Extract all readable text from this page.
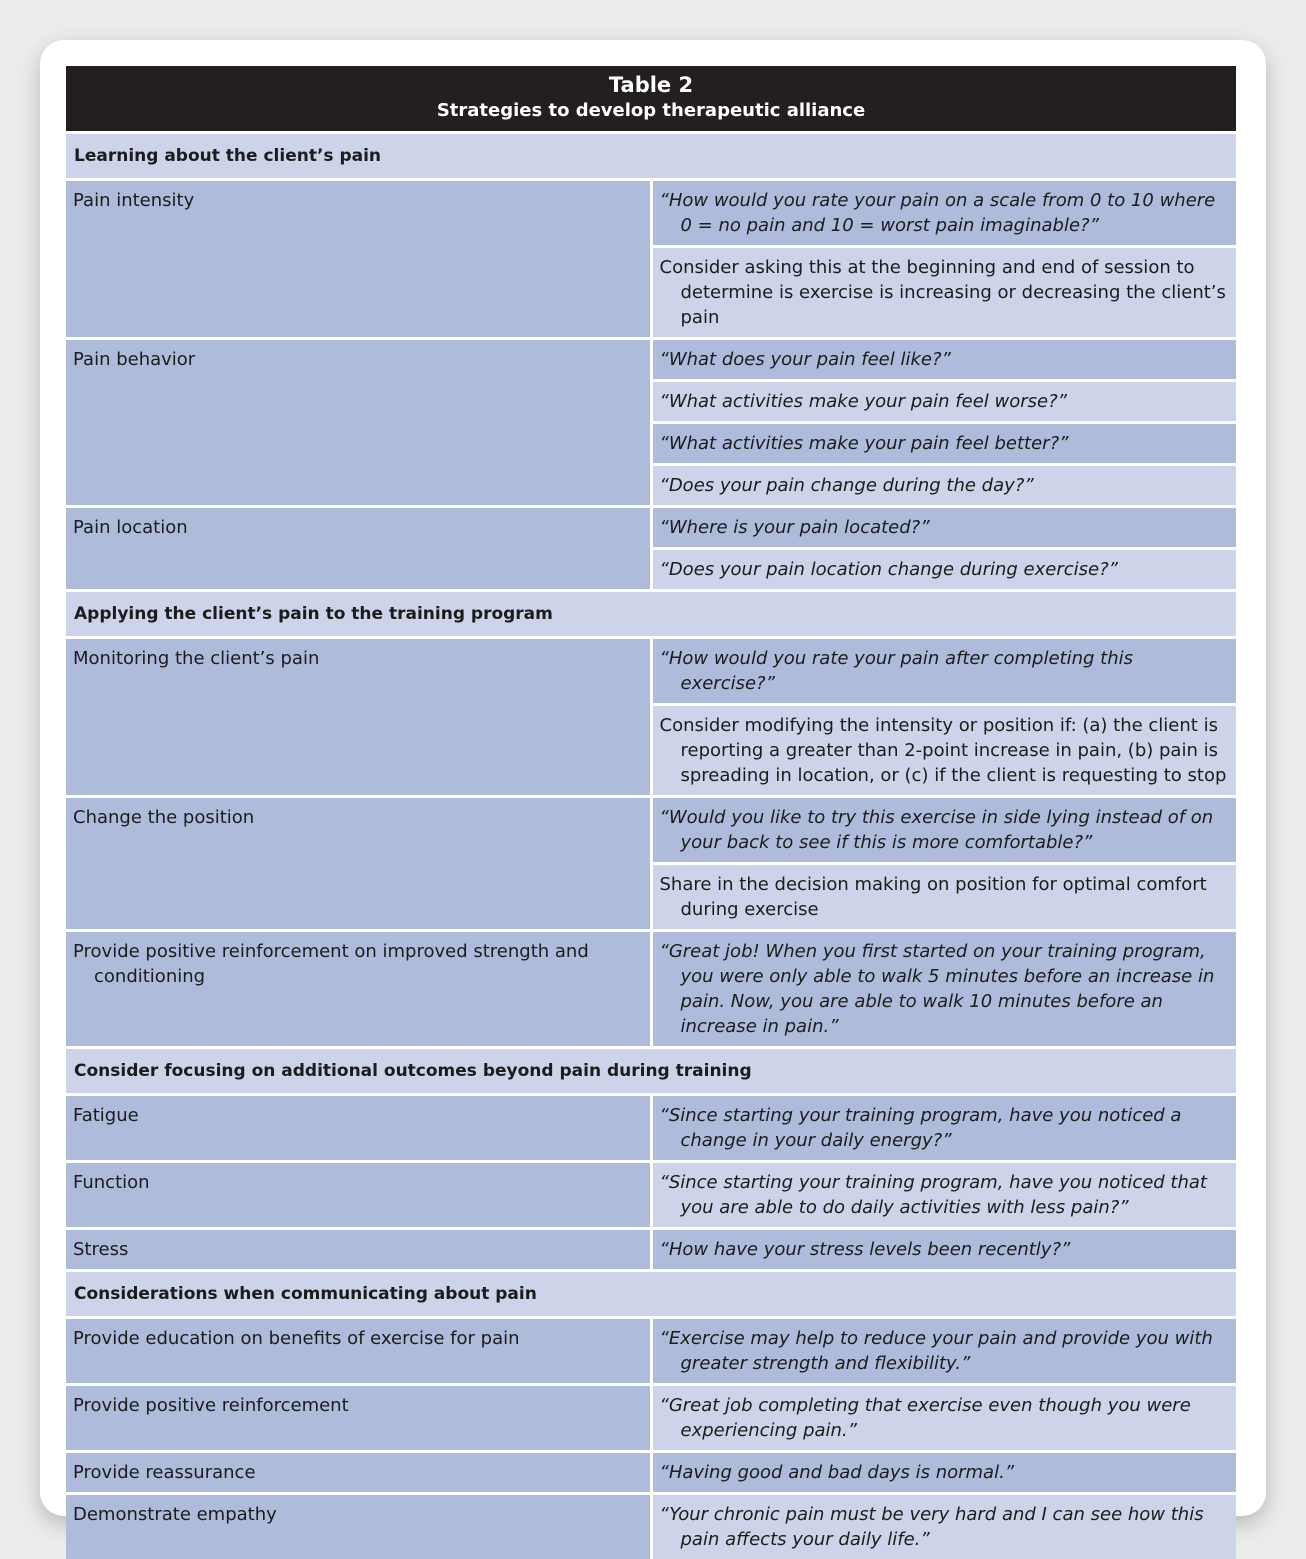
Table 2
Strategies to develop therapeutic alliance	

Learning about the client’s pain	
Pain intensity	“How would you rate your pain on a scale from 0 to 10 where 0 = no pain and 10 = worst pain imaginable?”
	Consider asking this at the beginning and end of session to determine is exercise is increasing or decreasing the client’s pain
Pain behavior	“What does your pain feel like?”
	“What activities make your pain feel worse?”
	“What activities make your pain feel better?”
	“Does your pain change during the day?”
Pain location	“Where is your pain located?”
	“Does your pain location change during exercise?”
Applying the client’s pain to the training program	
Monitoring the client’s pain	“How would you rate your pain after completing this exercise?”
	Consider modifying the intensity or position if: (a) the client is reporting a greater than 2-point increase in pain, (b) pain is spreading in location, or (c) if the client is requesting to stop
Change the position	“Would you like to try this exercise in side lying instead of on your back to see if this is more comfortable?”
	Share in the decision making on position for optimal comfort during exercise
Provide positive reinforcement on improved strength and conditioning	“Great job! When you first started on your training program, you were only able to walk 5 minutes before an increase in pain. Now, you are able to walk 10 minutes before an increase in pain.”
Consider focusing on additional outcomes beyond pain during training	
Fatigue	“Since starting your training program, have you noticed a change in your daily energy?”
Function	“Since starting your training program, have you noticed that you are able to do daily activities with less pain?”
Stress	“How have your stress levels been recently?”
Considerations when communicating about pain	
Provide education on benefits of exercise for pain	“Exercise may help to reduce your pain and provide you with greater strength and flexibility.”
Provide positive reinforcement	“Great job completing that exercise even though you were experiencing pain.”
Provide reassurance	“Having good and bad days is normal.”
Demonstrate empathy	“Your chronic pain must be very hard and I can see how this pain affects your daily life.”
